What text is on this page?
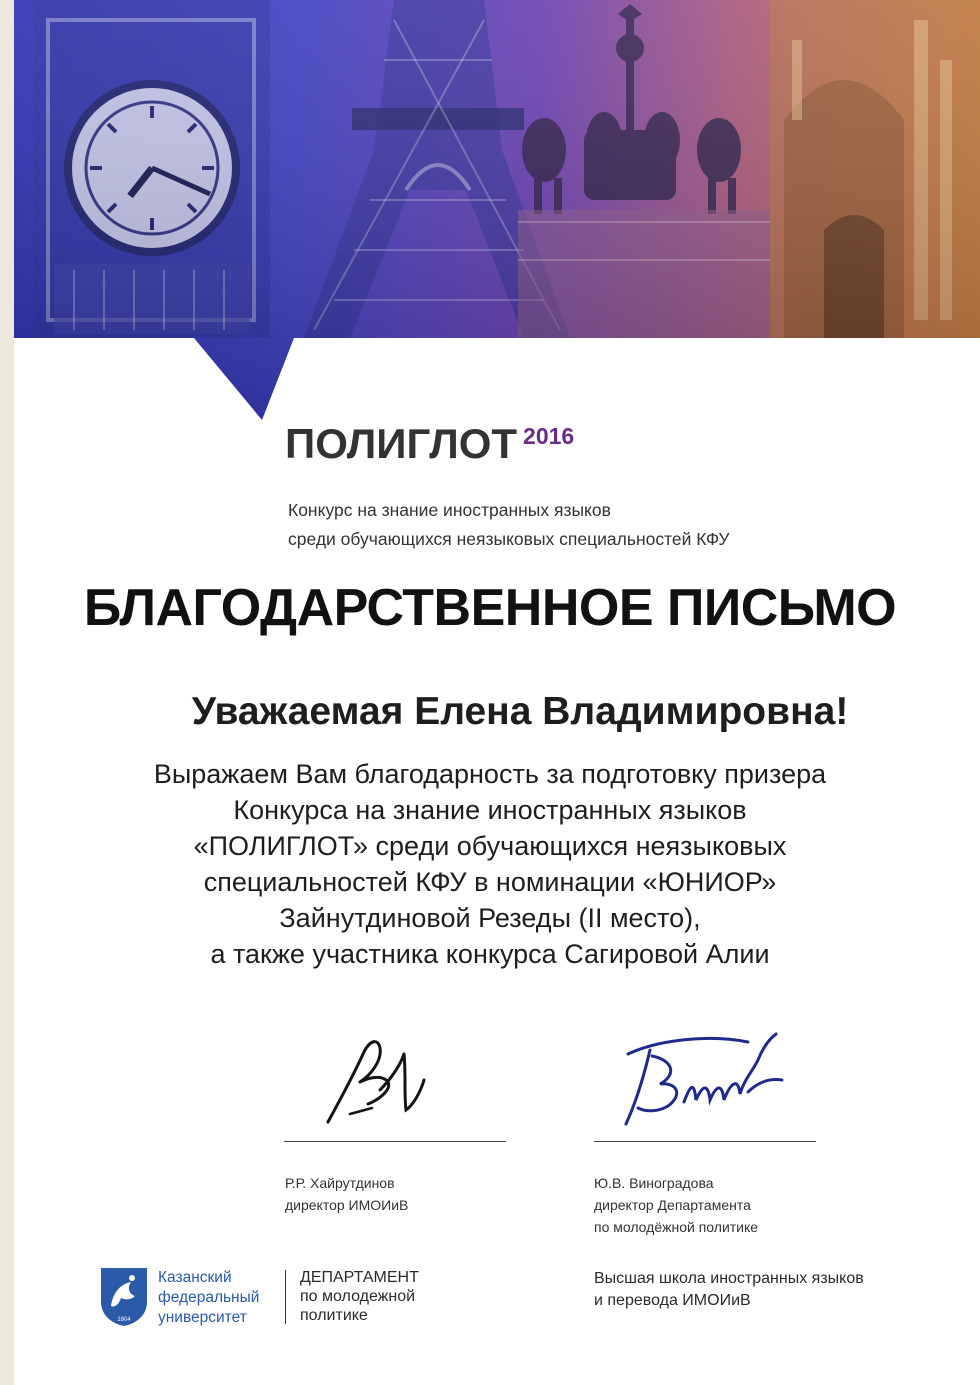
ПОЛИГЛОТ 2016
Конкурс на знание иностранных языков
среди обучающихся неязыковых специальностей КФУ
БЛАГОДАРСТВЕННОЕ ПИСЬМО
Уважаемая Елена Владимировна!
Выражаем Вам благодарность за подготовку призера
Конкурса на знание иностранных языков
«ПОЛИГЛОТ» среди обучающихся неязыковых
специальностей КФУ в номинации «ЮНИОР»
Зайнутдиновой Резеды (II место),
а также участника конкурса Сагировой Алии
Р.Р. Хайрутдинов
директор ИМОИиВ
Ю.В. Виноградова
директор Департамента
по молодёжной политике
1804
Казанский
федеральный
университет
ДЕПАРТАМЕНТ
по молодежной
политике
Высшая школа иностранных языков
и перевода ИМОИиВ
